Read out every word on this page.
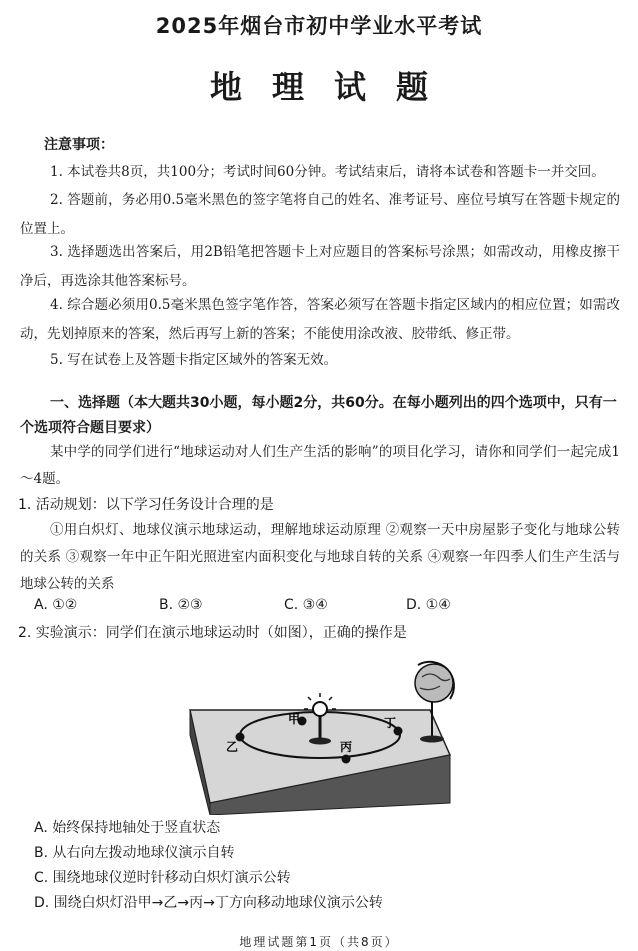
2025年烟台市初中学业水平考试
地理试题
注意事项：

1. 本试卷共8页，共100分；考试时间60分钟。考试结束后，请将本试卷和答题卡一并交回。

2. 答题前，务必用0.5毫米黑色的签字笔将自己的姓名、准考证号、座位号填写在答题卡规定的位置上。

3. 选择题选出答案后，用2B铅笔把答题卡上对应题目的答案标号涂黑；如需改动，用橡皮擦干净后，再选涂其他答案标号。

4. 综合题必须用0.5毫米黑色签字笔作答，答案必须写在答题卡指定区域内的相应位置；如需改动，先划掉原来的答案，然后再写上新的答案；不能使用涂改液、胶带纸、修正带。

5. 写在试卷上及答题卡指定区域外的答案无效。

一、选择题（本大题共30小题，每小题2分，共60分。在每小题列出的四个选项中，只有一个选项符合题目要求）

某中学的同学们进行“地球运动对人们生产生活的影响”的项目化学习，请你和同学们一起完成1～4题。

1. 活动规划：以下学习任务设计合理的是

①用白炽灯、地球仪演示地球运动，理解地球运动原理 ②观察一天中房屋影子变化与地球公转的关系 ③观察一年中正午阳光照进室内面积变化与地球自转的关系 ④观察一年四季人们生产生活与地球公转的关系

A. ①②	B. ②③	C. ③④	D. ①④

2. 实验演示：同学们在演示地球运动时（如图），正确的操作是

甲
乙	丙
丁
A. 始终保持地轴处于竖直状态
B. 从右向左拨动地球仪演示自转
C. 围绕地球仪逆时针移动白炽灯演示公转
D. 围绕白炽灯沿甲→乙→丙→丁方向移动地球仪演示公转
地理试题第1页（共8页）
